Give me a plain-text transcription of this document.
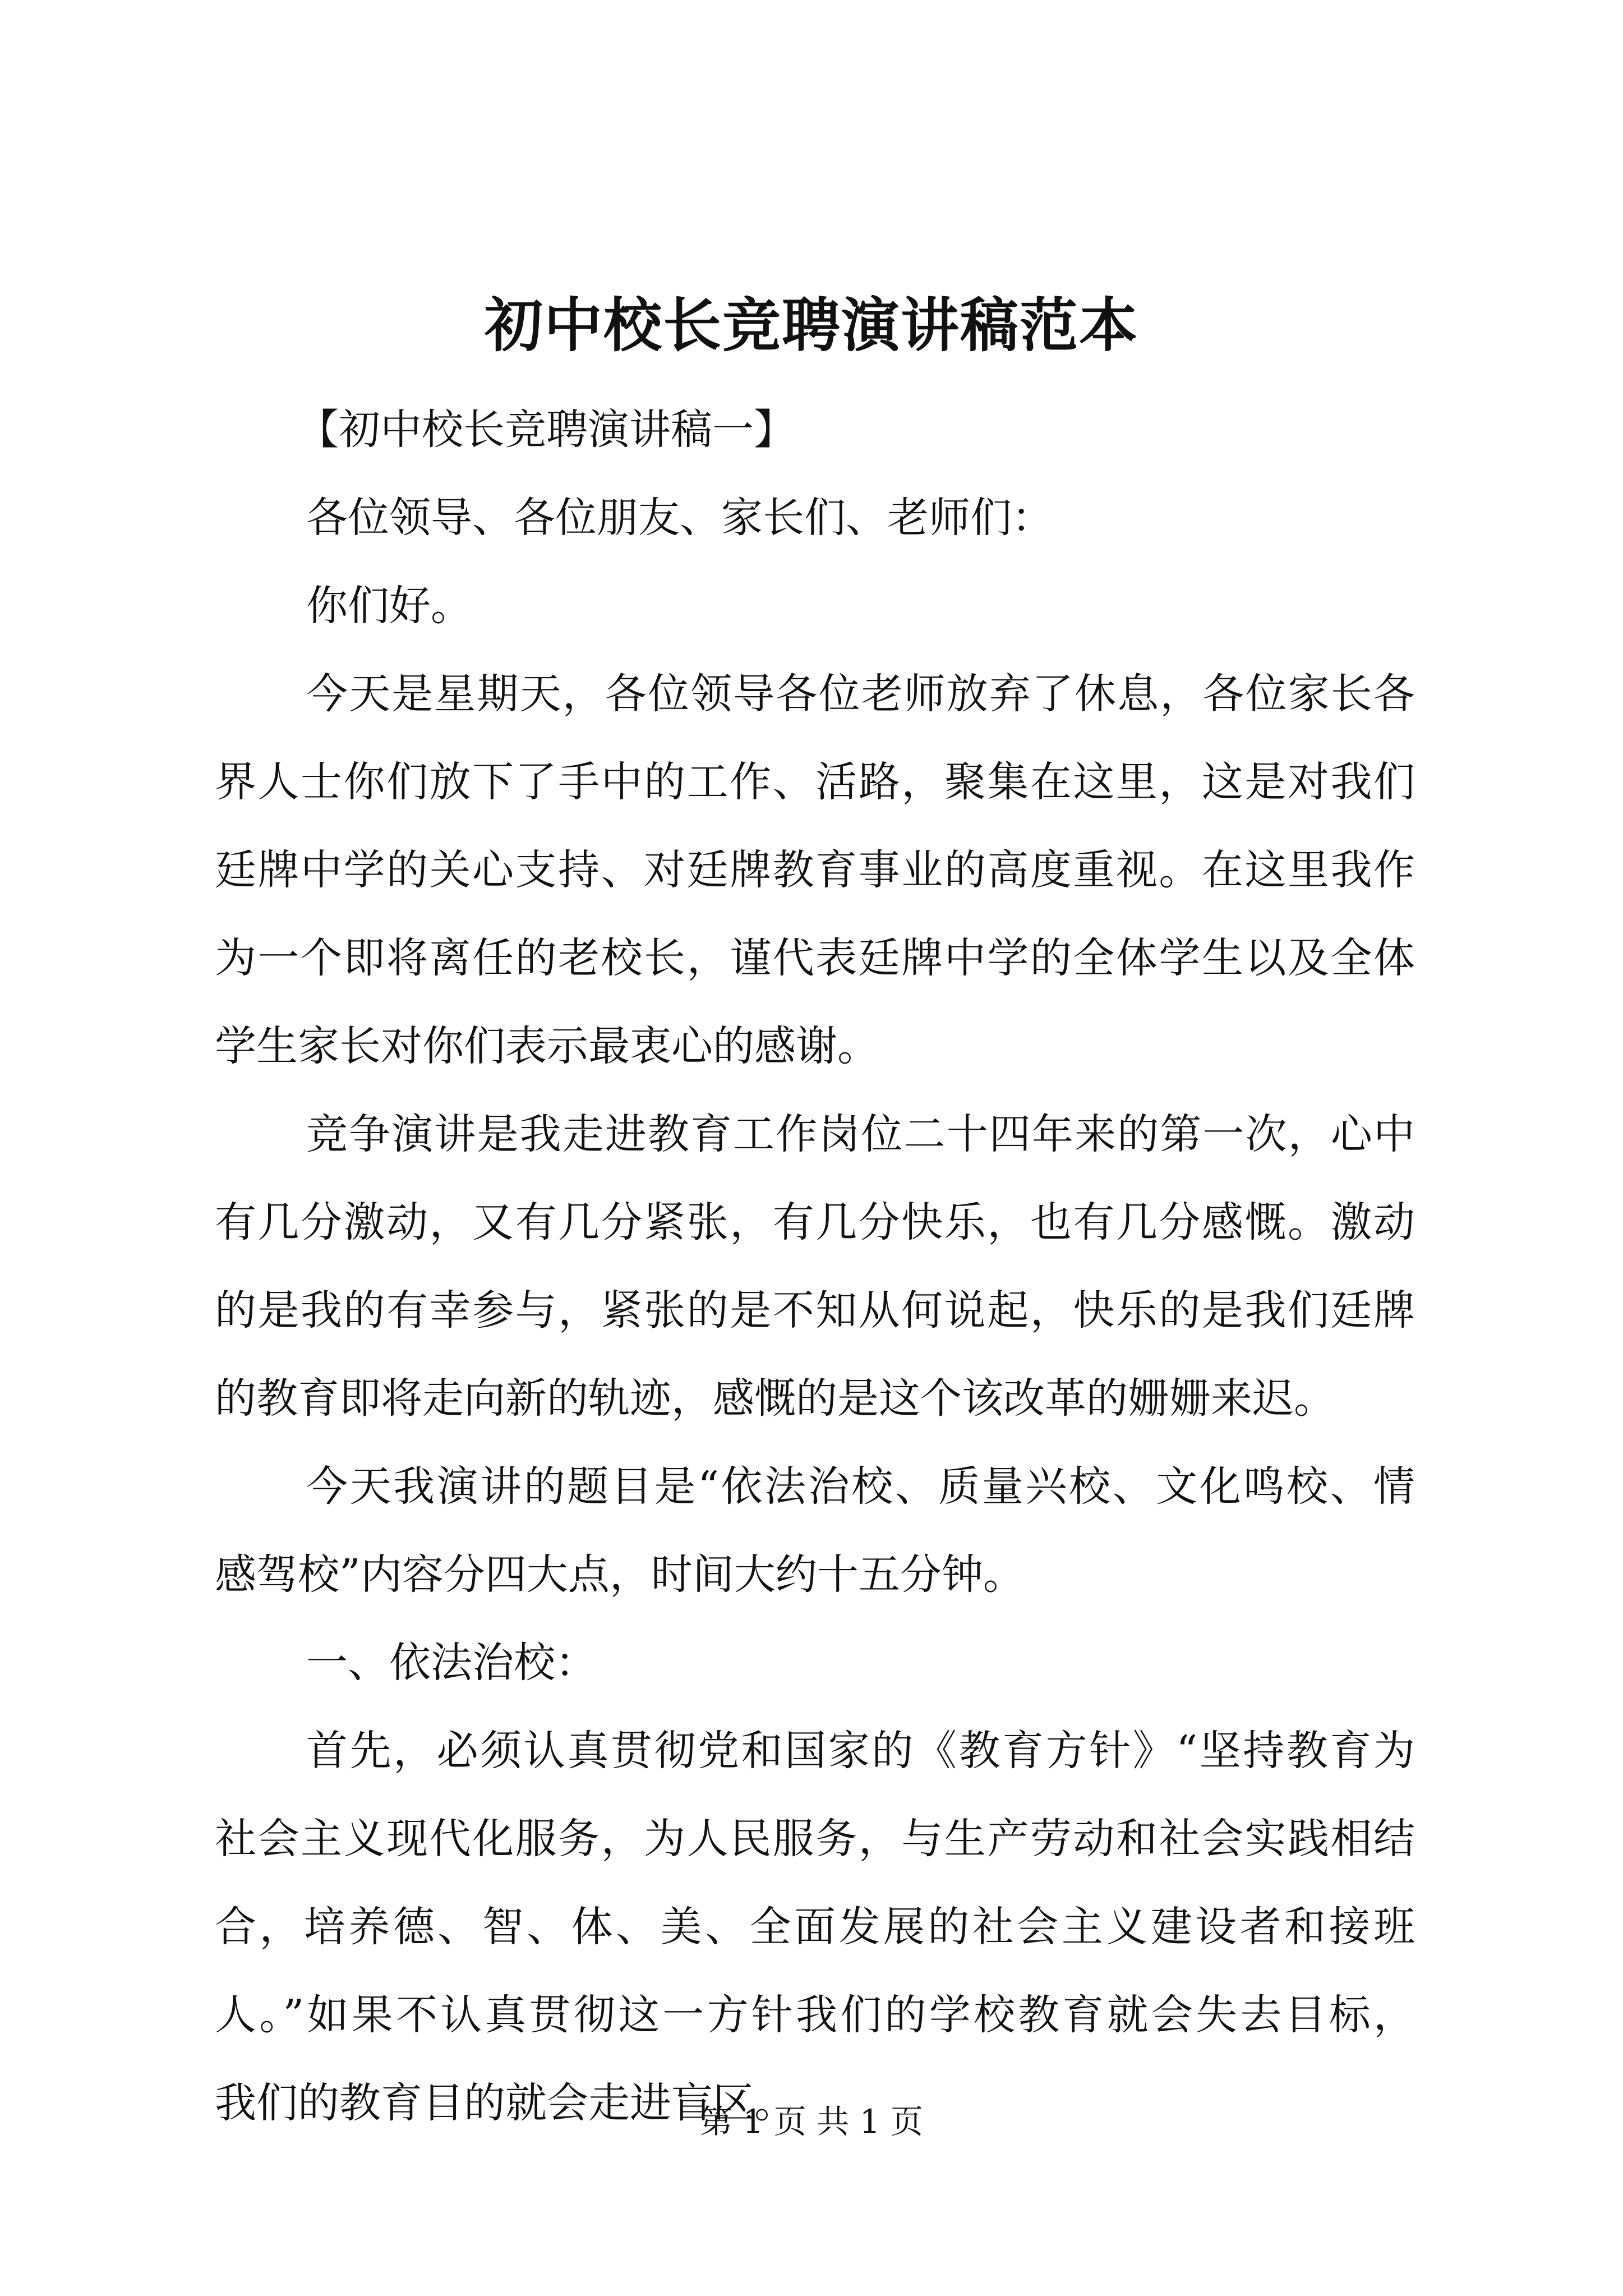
初中校长竞聘演讲稿范本
【初中校长竞聘演讲稿一】
各位领导、各位朋友、家长们、老师们：
你们好。
今天是星期天，各位领导各位老师放弃了休息，各位家长各
界人士你们放下了手中的工作、活路，聚集在这里，这是对我们
廷牌中学的关心支持、对廷牌教育事业的高度重视。在这里我作
为一个即将离任的老校长，谨代表廷牌中学的全体学生以及全体
学生家长对你们表示最衷心的感谢。
竞争演讲是我走进教育工作岗位二十四年来的第一次，心中
有几分激动，又有几分紧张，有几分快乐，也有几分感慨。激动
的是我的有幸参与，紧张的是不知从何说起，快乐的是我们廷牌
的教育即将走向新的轨迹，感慨的是这个该改革的姗姗来迟。
今天我演讲的题目是“依法治校、质量兴校、文化鸣校、情
感驾校”内容分四大点，时间大约十五分钟。
一、依法治校：
首先，必须认真贯彻党和国家的《教育方针》“坚持教育为
社会主义现代化服务，为人民服务，与生产劳动和社会实践相结
合，培养德、智、体、美、全面发展的社会主义建设者和接班
人。”如果不认真贯彻这一方针我们的学校教育就会失去目标，
我们的教育目的就会走进盲区。
第 1 页 共 1 页
